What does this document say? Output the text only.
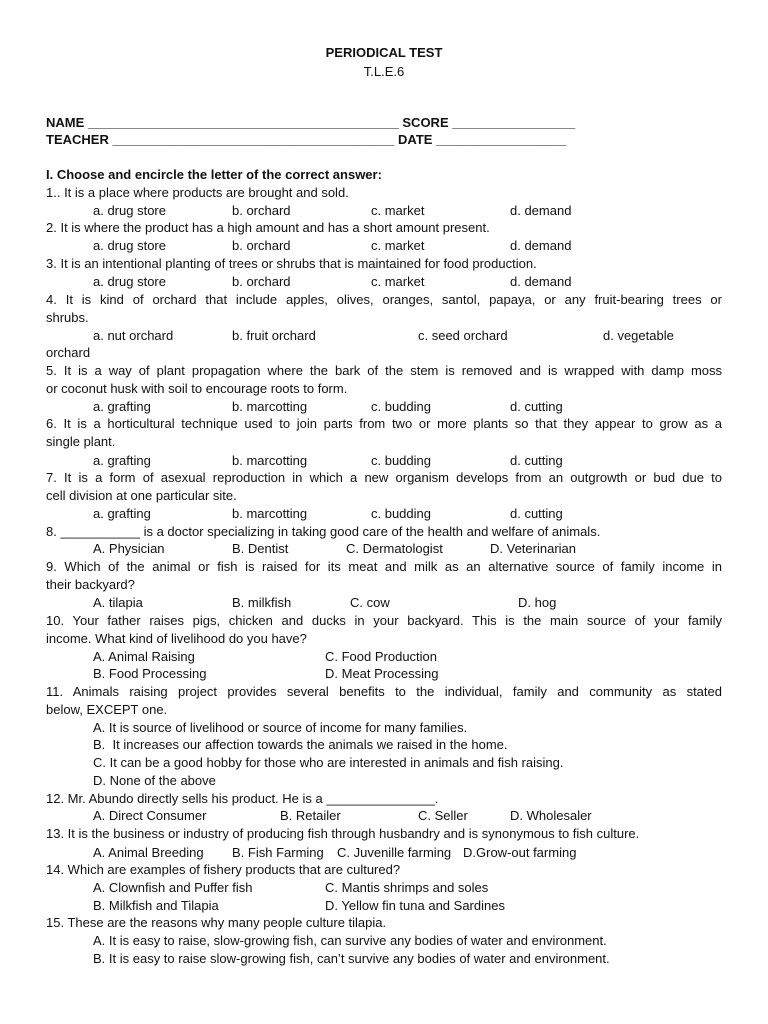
PERIODICAL TEST
T.L.E.6
NAME ___________________________________________ SCORE _________________
TEACHER _______________________________________ DATE __________________
I. Choose and encircle the letter of the correct answer:
1.. It is a place where products are brought and sold.
a. drug store	b. orchard	c. market	d. demand
2. It is where the product has a high amount and has a short amount present.
a. drug store	b. orchard	c. market	d. demand
3. It is an intentional planting of trees or shrubs that is maintained for food production.
a. drug store	b. orchard	c. market	d. demand
4. It is kind of orchard that include apples, olives, oranges, santol, papaya, or any fruit-bearing trees or
shrubs.
a. nut orchard	b. fruit orchard	c. seed orchard	d. vegetable
orchard
5. It is a way of plant propagation where the bark of the stem is removed and is wrapped with damp moss
or coconut husk with soil to encourage roots to form.
a. grafting	b. marcotting	c. budding	d. cutting
6. It is a horticultural technique used to join parts from two or more plants so that they appear to grow as a
single plant.
a. grafting	b. marcotting	c. budding	d. cutting
7. It is a form of asexual reproduction in which a new organism develops from an outgrowth or bud due to
cell division at one particular site.
a. grafting	b. marcotting	c. budding	d. cutting
8. ___________ is a doctor specializing in taking good care of the health and welfare of animals.
A. Physician	B. Dentist	C. Dermatologist	D. Veterinarian
9. Which of the animal or fish is raised for its meat and milk as an alternative source of family income in
their backyard?
A. tilapia	B. milkfish	C. cow	D. hog
10. Your father raises pigs, chicken and ducks in your backyard. This is the main source of your family
income. What kind of livelihood do you have?
A. Animal Raising	C. Food Production
B. Food Processing	D. Meat Processing
11. Animals raising project provides several benefits to the individual, family and community as stated
below, EXCEPT one.
A. It is source of livelihood or source of income for many families.
B.  It increases our affection towards the animals we raised in the home.
C. It can be a good hobby for those who are interested in animals and fish raising.
D. None of the above
12. Mr. Abundo directly sells his product. He is a _______________.
A. Direct Consumer	B. Retailer	C. Seller	D. Wholesaler
13. It is the business or industry of producing fish through husbandry and is synonymous to fish culture.
A. Animal Breeding B. Fish Farming C. Juvenille farming D.Grow-out farming
14. Which are examples of fishery products that are cultured?
A. Clownfish and Puffer fish	C. Mantis shrimps and soles
B. Milkfish and Tilapia	D. Yellow fin tuna and Sardines
15. These are the reasons why many people culture tilapia.
A. It is easy to raise, slow-growing fish, can survive any bodies of water and environment.
B. It is easy to raise slow-growing fish, can’t survive any bodies of water and environment.
